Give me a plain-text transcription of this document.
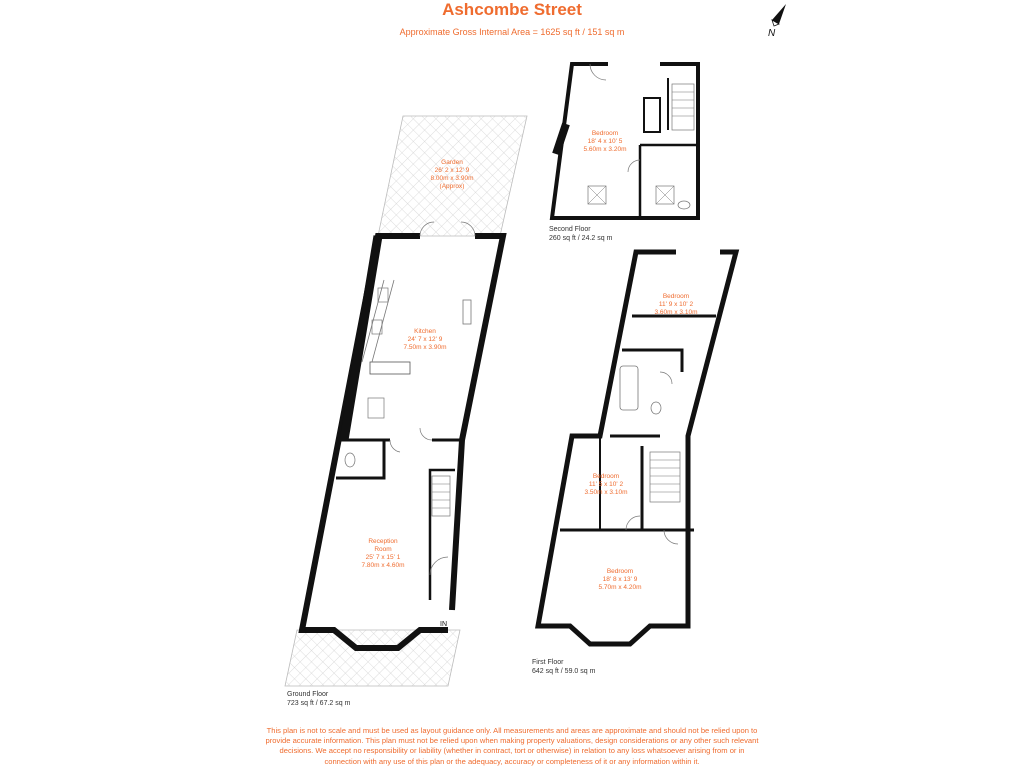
Ashcombe Street
Approximate Gross Internal Area = 1625 sq ft / 151 sq m	N
Garden
26' 2 x 12' 9
8.00m x 3.90m
(Approx)
Kitchen
24' 7 x 12' 9
7.50m x 3.90m
Reception
Room
25' 7 x 15' 1
7.80m x 4.60m
IN
Ground Floor
723 sq ft / 67.2 sq m
Bedroom
18' 4 x 10' 5
5.60m x 3.20m
Second Floor
260 sq ft / 24.2 sq m
Bedroom
11' 9 x 10' 2
3.60m x 3.10m
Bedroom
11' 5 x 10' 2
3.50m x 3.10m
Bedroom
18' 8 x 13' 9
5.70m x 4.20m
First Floor
642 sq ft / 59.0 sq m
This plan is not to scale and must be used as layout guidance only. All measurements and areas are approximate and should not be relied upon to
provide accurate information. This plan must not be relied upon when making property valuations, design considerations or any other such relevant
decisions. We accept no responsibility or liability (whether in contract, tort or otherwise) in relation to any loss whatsoever arising from or in
connection with any use of this plan or the adequacy, accuracy or completeness of it or any information within it.
